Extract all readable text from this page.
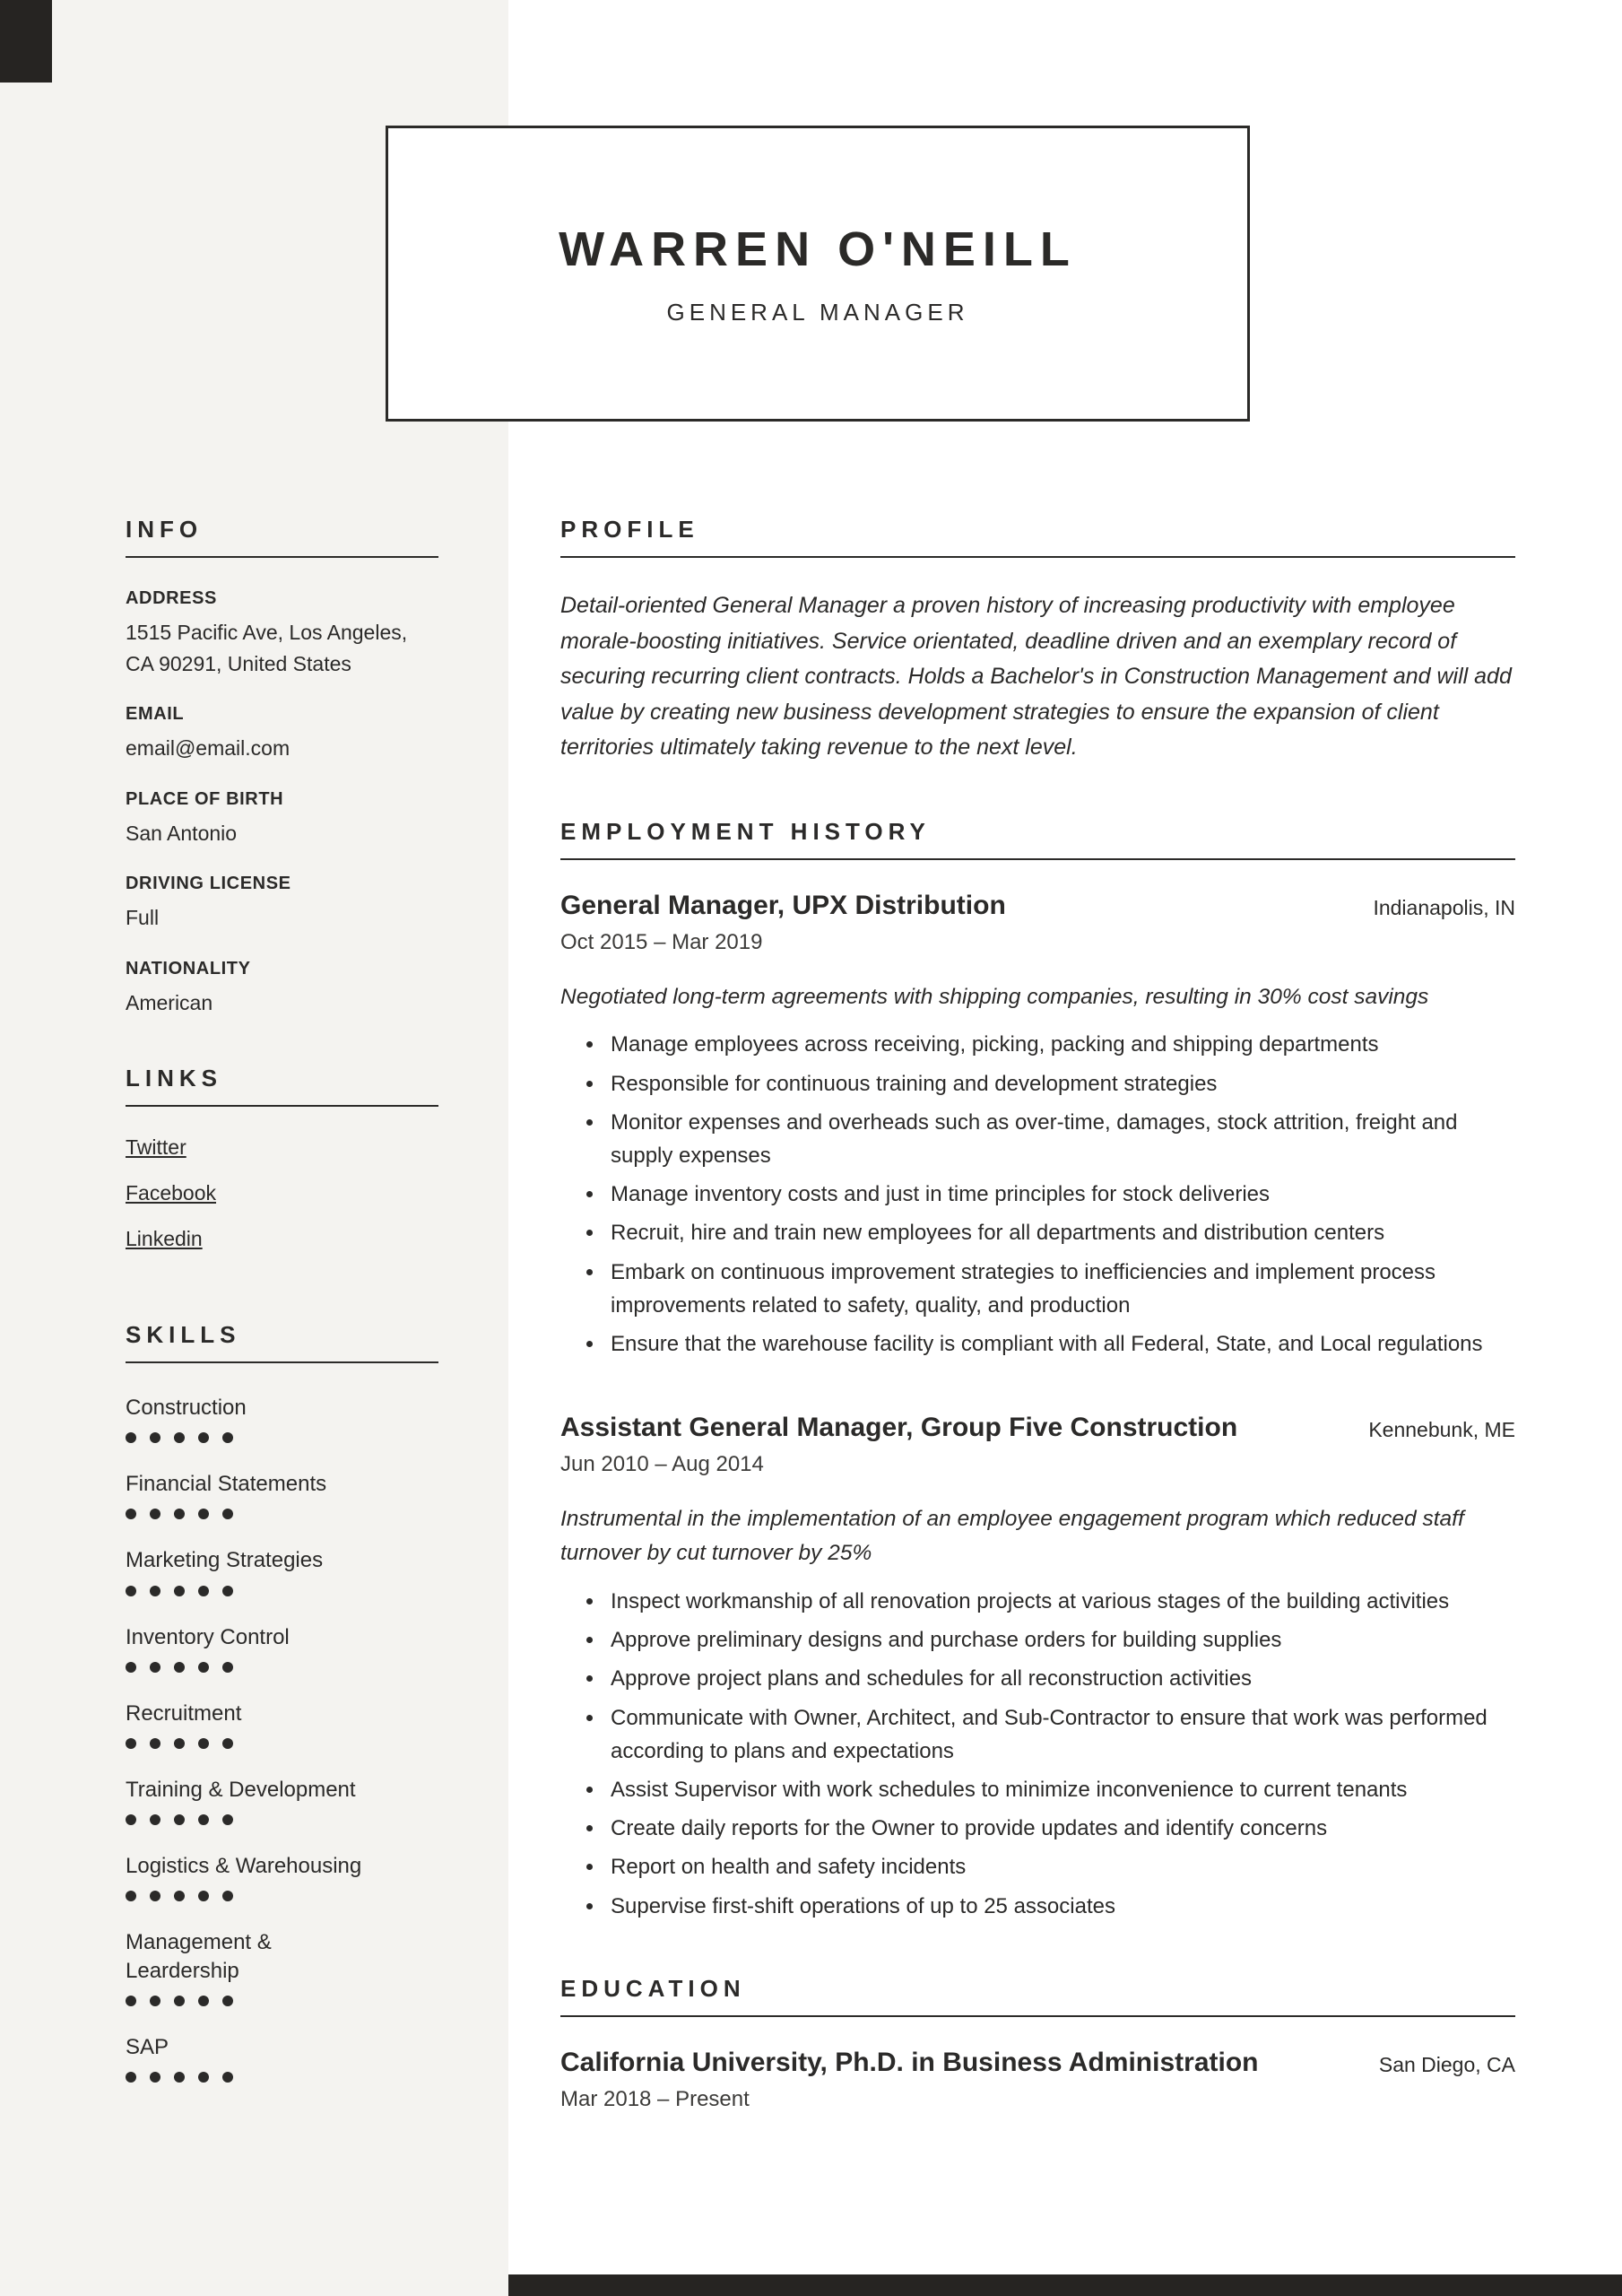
INFO
ADDRESS
1515 Pacific Ave, Los Angeles, CA 90291, United States
EMAIL
email@email.com
PLACE OF BIRTH
San Antonio
DRIVING LICENSE
Full
NATIONALITY
American
LINKS
Twitter
Facebook
Linkedin
SKILLS
Construction
Financial Statements
Marketing Strategies
Inventory Control
Recruitment
Training & Development
Logistics & Warehousing
Management & Leardership
SAP
PROFILE

Detail-oriented General Manager a proven history of increasing productivity with employee morale-boosting initiatives. Service orientated, deadline driven and an exemplary record of securing recurring client contracts. Holds a Bachelor's in Construction Management and will add value by creating new business development strategies to ensure the expansion of client territories ultimately taking revenue to the next level.

EMPLOYMENT HISTORY
General Manager, UPX Distribution	Indianapolis, IN
Oct 2015 – Mar 2019

Negotiated long-term agreements with shipping companies, resulting in 30% cost savings

• Manage employees across receiving, picking, packing and shipping departments
• Responsible for continuous training and development strategies
• Monitor expenses and overheads such as over-time, damages, stock attrition, freight and supply expenses
• Manage inventory costs and just in time principles for stock deliveries
• Recruit, hire and train new employees for all departments and distribution centers
• Embark on continuous improvement strategies to inefficiencies and implement process improvements related to safety, quality, and production
• Ensure that the warehouse facility is compliant with all Federal, State, and Local regulations
Assistant General Manager, Group Five Construction	Kennebunk, ME
Jun 2010 – Aug 2014

Instrumental in the implementation of an employee engagement program which reduced staff turnover by cut turnover by 25%

• Inspect workmanship of all renovation projects at various stages of the building activities
• Approve preliminary designs and purchase orders for building supplies
• Approve project plans and schedules for all reconstruction activities
• Communicate with Owner, Architect, and Sub-Contractor to ensure that work was performed according to plans and expectations
• Assist Supervisor with work schedules to minimize inconvenience to current tenants
• Create daily reports for the Owner to provide updates and identify concerns
• Report on health and safety incidents
• Supervise first-shift operations of up to 25 associates
EDUCATION
California University, Ph.D. in Business Administration	San Diego, CA
Mar 2018 – Present
WARREN O'NEILL
GENERAL MANAGER
